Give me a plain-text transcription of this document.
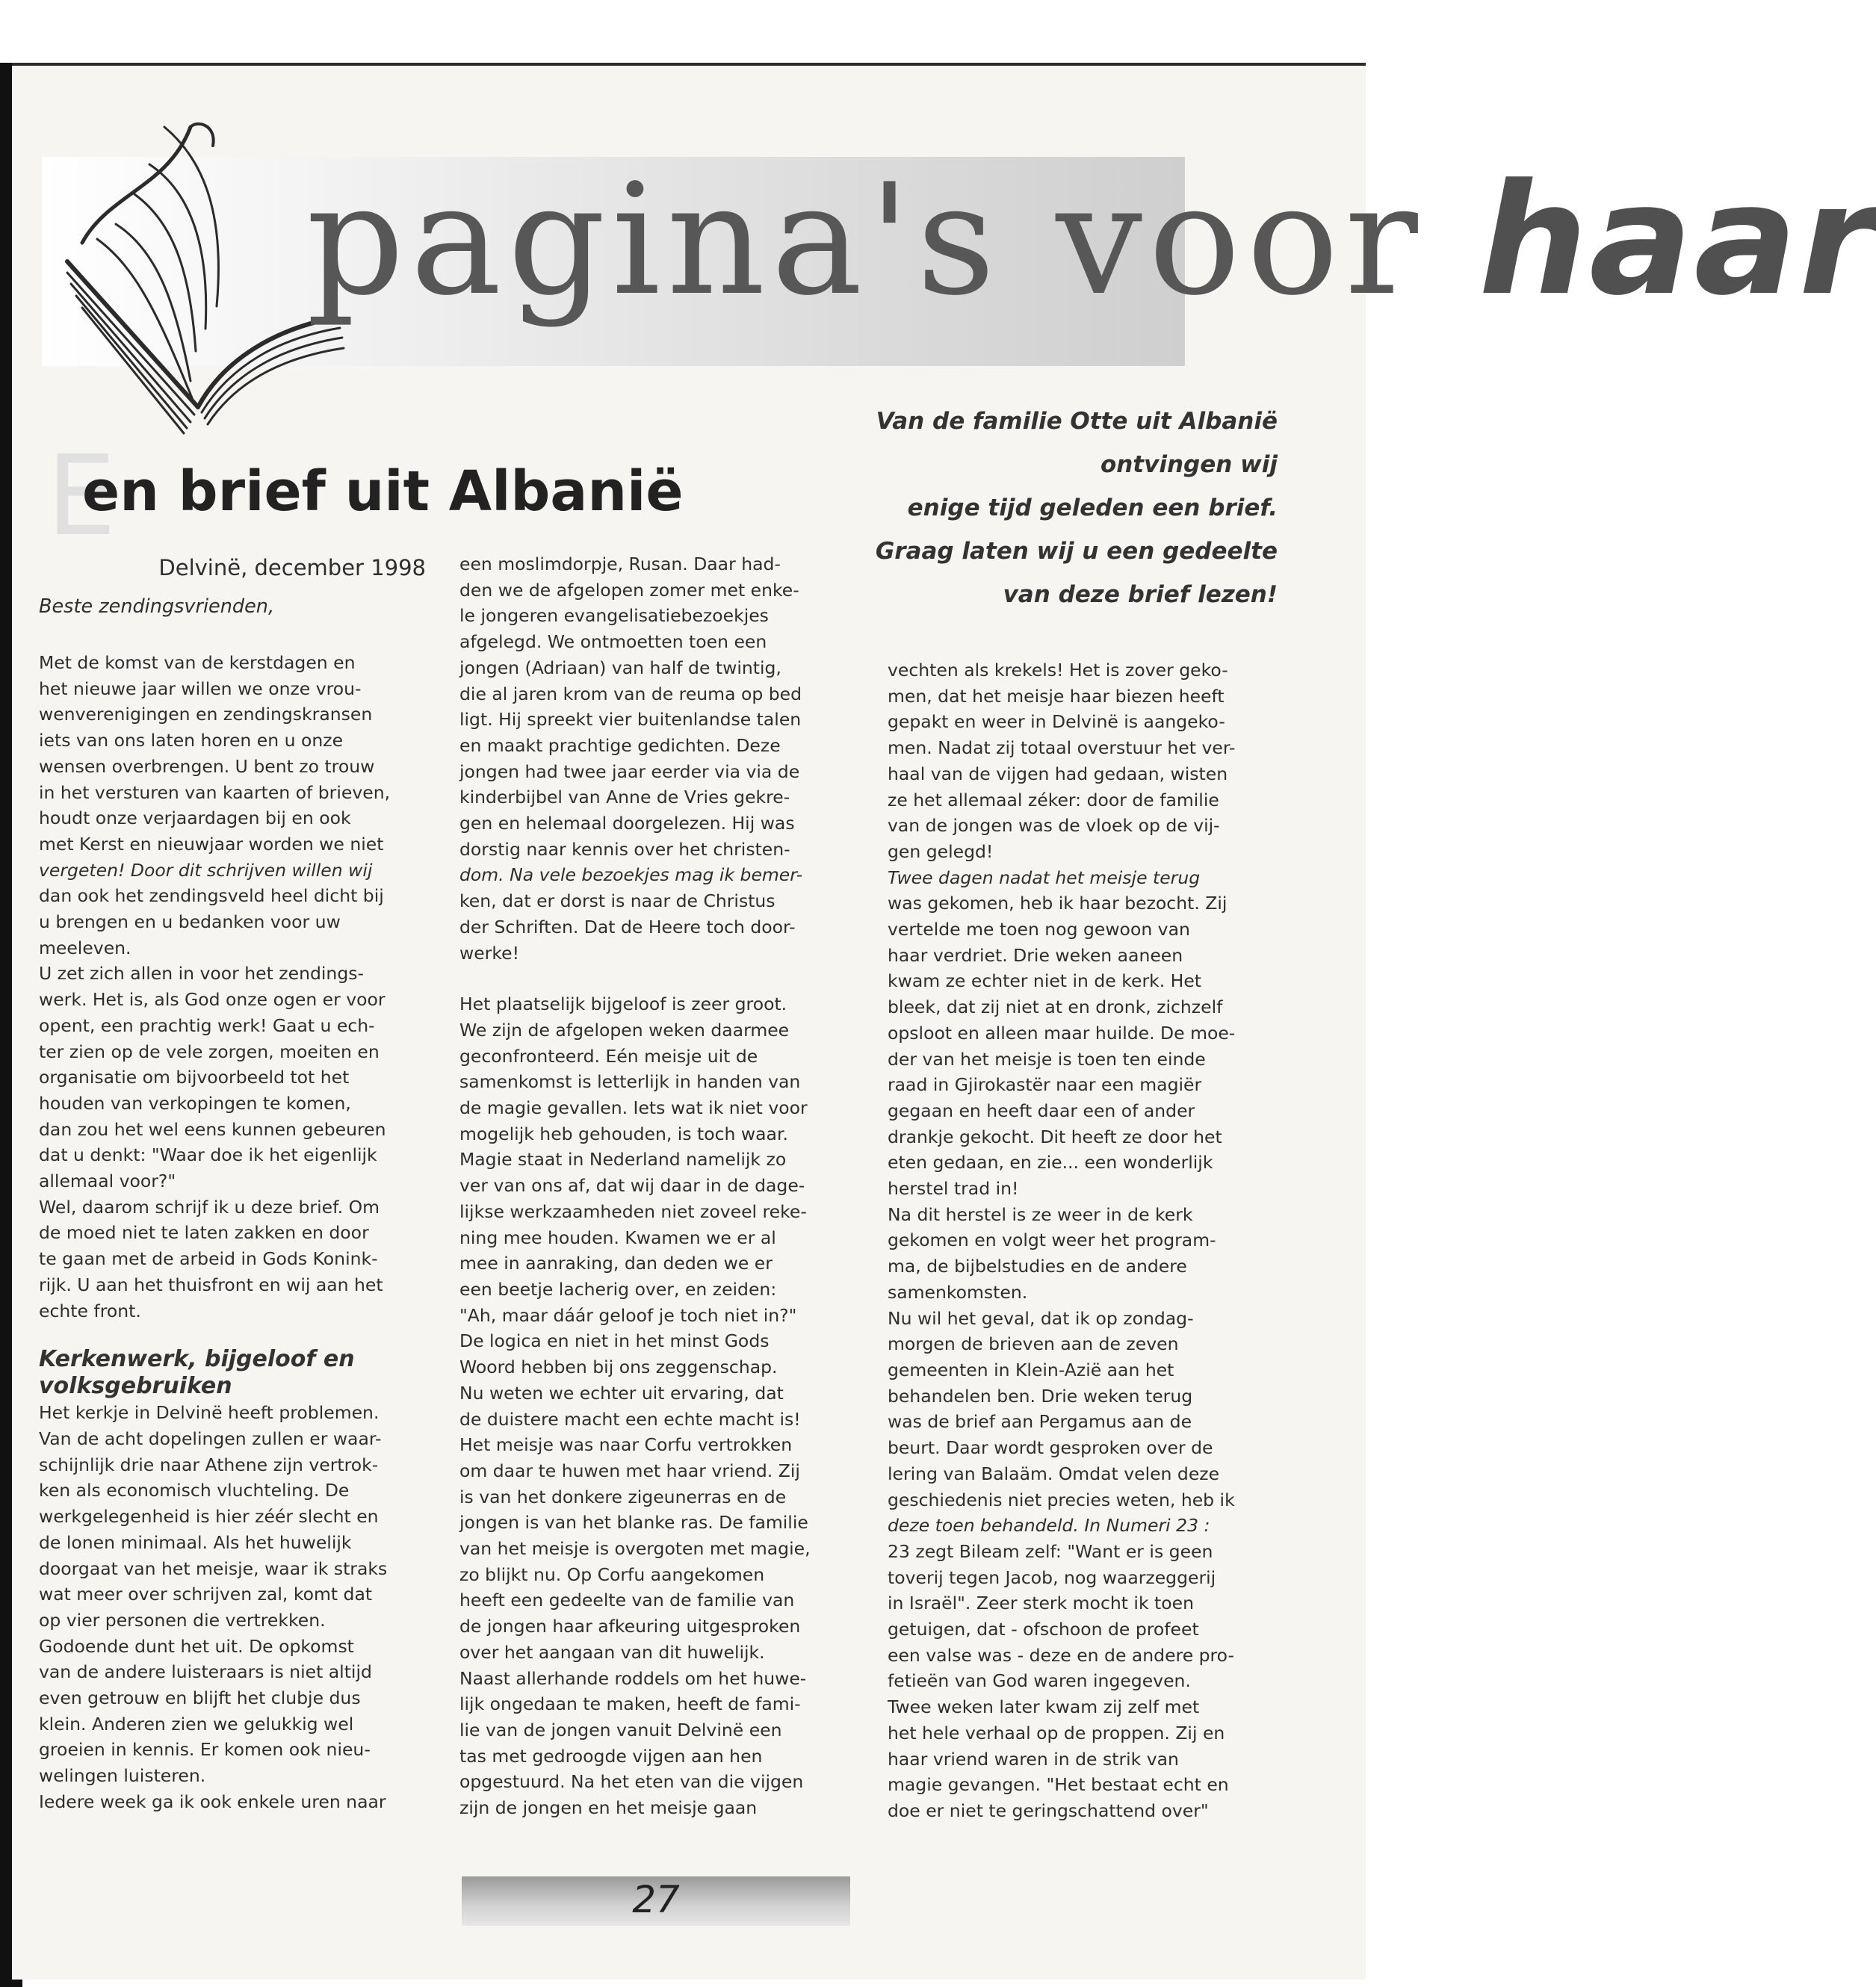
pagina's voor haar
E
en brief uit Albanië
Van de familie Otte uit Albanië
ontvingen wij
enige tijd geleden een brief.
Graag laten wij u een gedeelte
van deze brief lezen!

Delvinë, december 1998

Beste zendingsvrienden,

Met de komst van de kerstdagen en

het nieuwe jaar willen we onze vrou-

wenverenigingen en zendingskransen

iets van ons laten horen en u onze

wensen overbrengen. U bent zo trouw

in het versturen van kaarten of brieven,

houdt onze verjaardagen bij en ook

met Kerst en nieuwjaar worden we niet

vergeten! Door dit schrijven willen wij

dan ook het zendingsveld heel dicht bij

u brengen en u bedanken voor uw

meeleven.

U zet zich allen in voor het zendings-

werk. Het is, als God onze ogen er voor

opent, een prachtig werk! Gaat u ech-

ter zien op de vele zorgen, moeiten en

organisatie om bijvoorbeeld tot het

houden van verkopingen te komen,

dan zou het wel eens kunnen gebeuren

dat u denkt: "Waar doe ik het eigenlijk

allemaal voor?"

Wel, daarom schrijf ik u deze brief. Om

de moed niet te laten zakken en door

te gaan met de arbeid in Gods Konink-

rijk. U aan het thuisfront en wij aan het

echte front.

Kerkenwerk, bijgeloof en

volksgebruiken

Het kerkje in Delvinë heeft problemen.

Van de acht dopelingen zullen er waar-

schijnlijk drie naar Athene zijn vertrok-

ken als economisch vluchteling. De

werkgelegenheid is hier zéér slecht en

de lonen minimaal. Als het huwelijk

doorgaat van het meisje, waar ik straks

wat meer over schrijven zal, komt dat

op vier personen die vertrekken.

Godoende dunt het uit. De opkomst

van de andere luisteraars is niet altijd

even getrouw en blijft het clubje dus

klein. Anderen zien we gelukkig wel

groeien in kennis. Er komen ook nieu-

welingen luisteren.

Iedere week ga ik ook enkele uren naar

een moslimdorpje, Rusan. Daar had-

den we de afgelopen zomer met enke-

le jongeren evangelisatiebezoekjes

afgelegd. We ontmoetten toen een

jongen (Adriaan) van half de twintig,

die al jaren krom van de reuma op bed

ligt. Hij spreekt vier buitenlandse talen

en maakt prachtige gedichten. Deze

jongen had twee jaar eerder via via de

kinderbijbel van Anne de Vries gekre-

gen en helemaal doorgelezen. Hij was

dorstig naar kennis over het christen-

dom. Na vele bezoekjes mag ik bemer-

ken, dat er dorst is naar de Christus

der Schriften. Dat de Heere toch door-

werke!

Het plaatselijk bijgeloof is zeer groot.

We zijn de afgelopen weken daarmee

geconfronteerd. Eén meisje uit de

samenkomst is letterlijk in handen van

de magie gevallen. Iets wat ik niet voor

mogelijk heb gehouden, is toch waar.

Magie staat in Nederland namelijk zo

ver van ons af, dat wij daar in de dage-

lijkse werkzaamheden niet zoveel reke-

ning mee houden. Kwamen we er al

mee in aanraking, dan deden we er

een beetje lacherig over, en zeiden:

"Ah, maar dáár geloof je toch niet in?"

De logica en niet in het minst Gods

Woord hebben bij ons zeggenschap.

Nu weten we echter uit ervaring, dat

de duistere macht een echte macht is!

Het meisje was naar Corfu vertrokken

om daar te huwen met haar vriend. Zij

is van het donkere zigeunerras en de

jongen is van het blanke ras. De familie

van het meisje is overgoten met magie,

zo blijkt nu. Op Corfu aangekomen

heeft een gedeelte van de familie van

de jongen haar afkeuring uitgesproken

over het aangaan van dit huwelijk.

Naast allerhande roddels om het huwe-

lijk ongedaan te maken, heeft de fami-

lie van de jongen vanuit Delvinë een

tas met gedroogde vijgen aan hen

opgestuurd. Na het eten van die vijgen

zijn de jongen en het meisje gaan

vechten als krekels! Het is zover geko-

men, dat het meisje haar biezen heeft

gepakt en weer in Delvinë is aangeko-

men. Nadat zij totaal overstuur het ver-

haal van de vijgen had gedaan, wisten

ze het allemaal zéker: door de familie

van de jongen was de vloek op de vij-

gen gelegd!

Twee dagen nadat het meisje terug

was gekomen, heb ik haar bezocht. Zij

vertelde me toen nog gewoon van

haar verdriet. Drie weken aaneen

kwam ze echter niet in de kerk. Het

bleek, dat zij niet at en dronk, zichzelf

opsloot en alleen maar huilde. De moe-

der van het meisje is toen ten einde

raad in Gjirokastër naar een magiër

gegaan en heeft daar een of ander

drankje gekocht. Dit heeft ze door het

eten gedaan, en zie... een wonderlijk

herstel trad in!

Na dit herstel is ze weer in de kerk

gekomen en volgt weer het program-

ma, de bijbelstudies en de andere

samenkomsten.

Nu wil het geval, dat ik op zondag-

morgen de brieven aan de zeven

gemeenten in Klein-Azië aan het

behandelen ben. Drie weken terug

was de brief aan Pergamus aan de

beurt. Daar wordt gesproken over de

lering van Balaäm. Omdat velen deze

geschiedenis niet precies weten, heb ik

deze toen behandeld. In Numeri 23 :

23 zegt Bileam zelf: "Want er is geen

toverij tegen Jacob, nog waarzeggerij

in Israël". Zeer sterk mocht ik toen

getuigen, dat - ofschoon de profeet

een valse was - deze en de andere pro-

fetieën van God waren ingegeven.

Twee weken later kwam zij zelf met

het hele verhaal op de proppen. Zij en

haar vriend waren in de strik van

magie gevangen. "Het bestaat echt en

doe er niet te geringschattend over"

27
